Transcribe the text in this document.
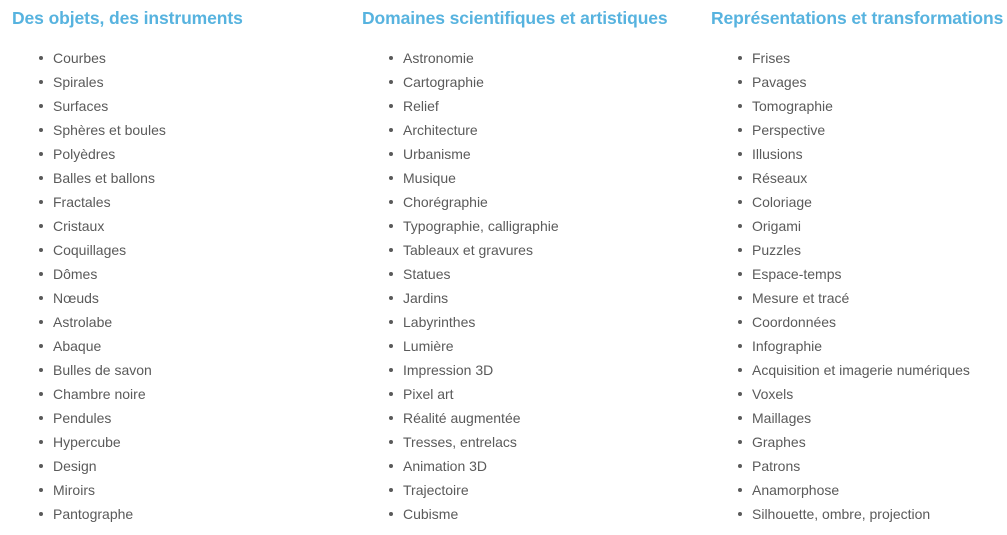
Des objets, des instruments
Courbes
Spirales
Surfaces
Sphères et boules
Polyèdres
Balles et ballons
Fractales
Cristaux
Coquillages
Dômes
Nœuds
Astrolabe
Abaque
Bulles de savon
Chambre noire
Pendules
Hypercube
Design
Miroirs
Pantographe
Domaines scientifiques et artistiques
Astronomie
Cartographie
Relief
Architecture
Urbanisme
Musique
Chorégraphie
Typographie, calligraphie
Tableaux et gravures
Statues
Jardins
Labyrinthes
Lumière
Impression 3D
Pixel art
Réalité augmentée
Tresses, entrelacs
Animation 3D
Trajectoire
Cubisme
Représentations et transformations
Frises
Pavages
Tomographie
Perspective
Illusions
Réseaux
Coloriage
Origami
Puzzles
Espace-temps
Mesure et tracé
Coordonnées
Infographie
Acquisition et imagerie numériques
Voxels
Maillages
Graphes
Patrons
Anamorphose
Silhouette, ombre, projection
